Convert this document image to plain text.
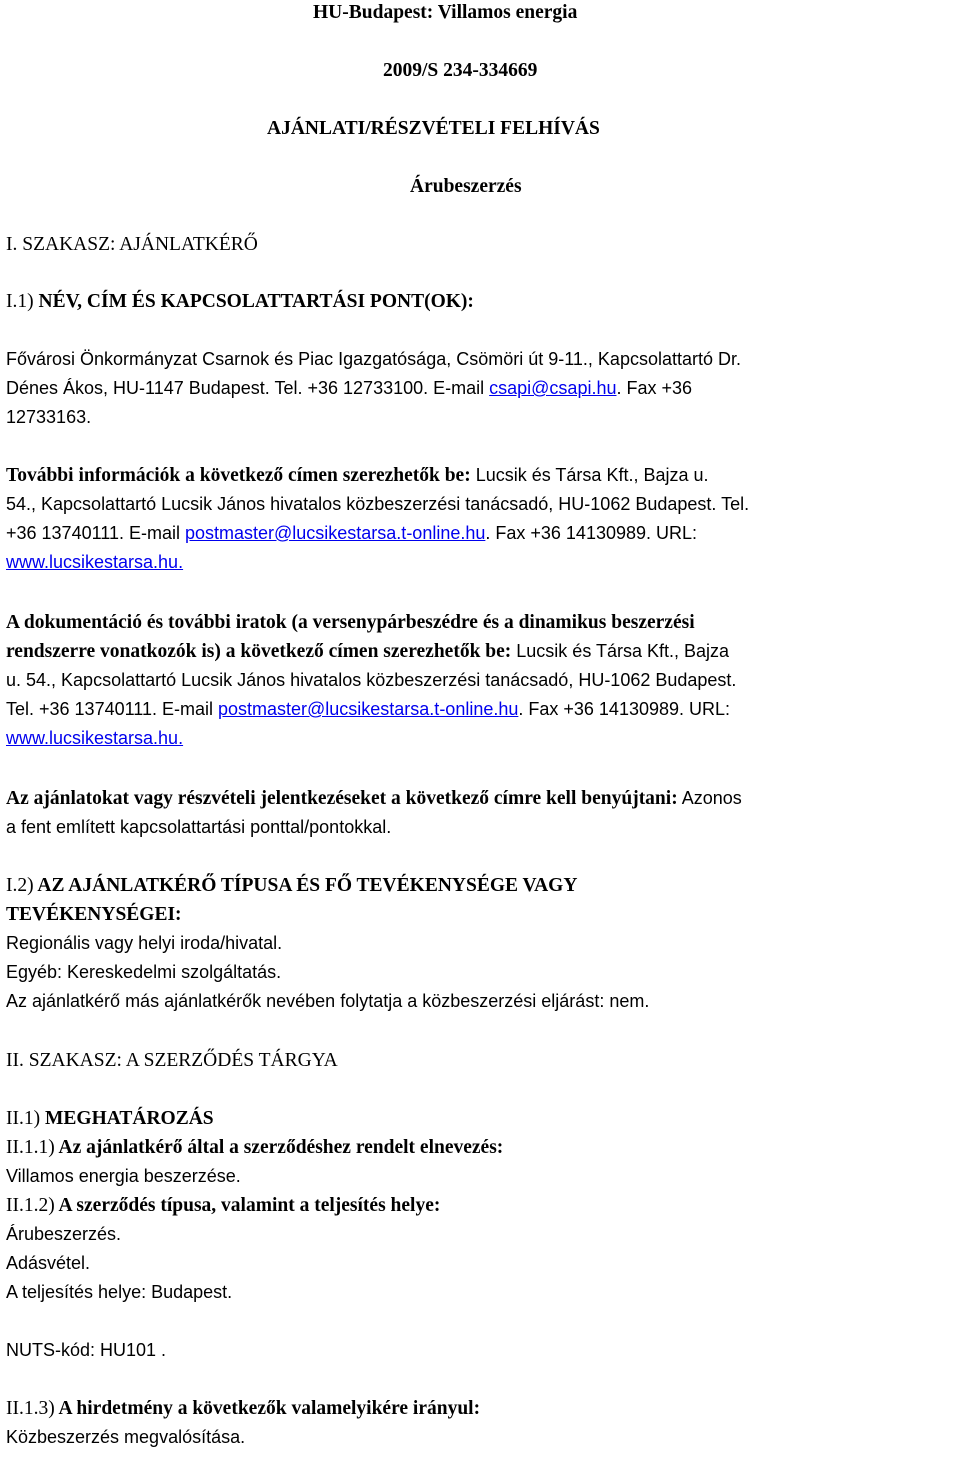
HU-Budapest: Villamos energia
2009/S 234-334669
AJÁNLATI/RÉSZVÉTELI FELHÍVÁS
Árubeszerzés
I. SZAKASZ: AJÁNLATKÉRŐ
I.1) NÉV, CÍM ÉS KAPCSOLATTARTÁSI PONT(OK):
Fővárosi Önkormányzat Csarnok és Piac Igazgatósága, Csömöri út 9-11., Kapcsolattartó Dr.
Dénes Ákos, HU-1147 Budapest. Tel. +36 12733100. E-mail csapi@csapi.hu. Fax +36
12733163.
További információk a következő címen szerezhetők be: Lucsik és Társa Kft., Bajza u.
54., Kapcsolattartó Lucsik János hivatalos közbeszerzési tanácsadó, HU-1062 Budapest. Tel.
+36 13740111. E-mail postmaster@lucsikestarsa.t-online.hu. Fax +36 14130989. URL:
www.lucsikestarsa.hu.
A dokumentáció és további iratok (a versenypárbeszédre és a dinamikus beszerzési
rendszerre vonatkozók is) a következő címen szerezhetők be: Lucsik és Társa Kft., Bajza
u. 54., Kapcsolattartó Lucsik János hivatalos közbeszerzési tanácsadó, HU-1062 Budapest.
Tel. +36 13740111. E-mail postmaster@lucsikestarsa.t-online.hu. Fax +36 14130989. URL:
www.lucsikestarsa.hu.
Az ajánlatokat vagy részvételi jelentkezéseket a következő címre kell benyújtani: Azonos
a fent említett kapcsolattartási ponttal/pontokkal.
I.2) AZ AJÁNLATKÉRŐ TÍPUSA ÉS FŐ TEVÉKENYSÉGE VAGY
TEVÉKENYSÉGEI:
Regionális vagy helyi iroda/hivatal.
Egyéb: Kereskedelmi szolgáltatás.
Az ajánlatkérő más ajánlatkérők nevében folytatja a közbeszerzési eljárást: nem.
II. SZAKASZ: A SZERZŐDÉS TÁRGYA
II.1) MEGHATÁROZÁS
II.1.1) Az ajánlatkérő által a szerződéshez rendelt elnevezés:
Villamos energia beszerzése.
II.1.2) A szerződés típusa, valamint a teljesítés helye:
Árubeszerzés.
Adásvétel.
A teljesítés helye: Budapest.
NUTS-kód: HU101 .
II.1.3) A hirdetmény a következők valamelyikére irányul:
Közbeszerzés megvalósítása.
